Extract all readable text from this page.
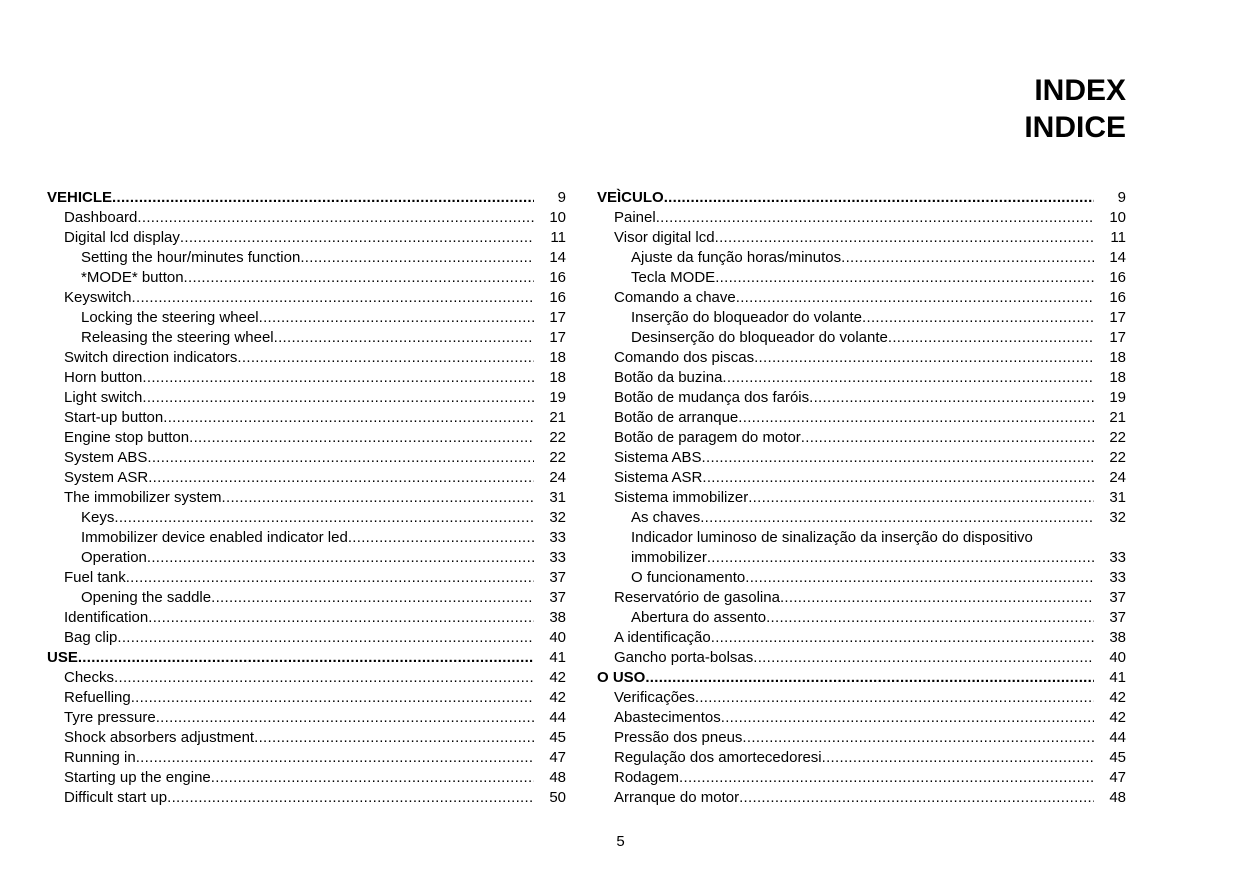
INDEX
INDICE
VEHICLE .....	9
Dashboard .....	10
Digital lcd display .....	11
Setting the hour/minutes function .....	14
*MODE* button .....	16
Keyswitch .....	16
Locking the steering wheel .....	17
Releasing the steering wheel .....	17
Switch direction indicators .....	18
Horn button .....	18
Light switch .....	19
Start-up button .....	21
Engine stop button .....	22
System ABS .....	22
System ASR .....	24
The immobilizer system .....	31
Keys .....	32
Immobilizer device enabled indicator led .....	33
Operation .....	33
Fuel tank .....	37
Opening the saddle .....	37
Identification .....	38
Bag clip .....	40
USE .....	41
Checks .....	42
Refuelling .....	42
Tyre pressure .....	44
Shock absorbers adjustment .....	45
Running in .....	47
Starting up the engine .....	48
Difficult start up .....	50
VEÌCULO .....	9
Painel .....	10
Visor digital lcd .....	11
Ajuste da função horas/minutos .....	14
Tecla MODE .....	16
Comando a chave .....	16
Inserção do bloqueador do volante .....	17
Desinserção do bloqueador do volante .....	17
Comando dos piscas .....	18
Botão da buzina .....	18
Botão de mudança dos faróis .....	19
Botão de arranque .....	21
Botão de paragem do motor .....	22
Sistema ABS .....	22
Sistema ASR .....	24
Sistema immobilizer .....	31
As chaves .....	32
Indicador luminoso de sinalização da inserção do dispositivo
immobilizer .....	33
O funcionamento .....	33
Reservatório de gasolina .....	37
Abertura do assento .....	37
A identificação .....	38
Gancho porta-bolsas .....	40
O USO .....	41
Verificações .....	42
Abastecimentos .....	42
Pressão dos pneus .....	44
Regulação dos amortecedoresi .....	45
Rodagem .....	47
Arranque do motor .....	48
5
